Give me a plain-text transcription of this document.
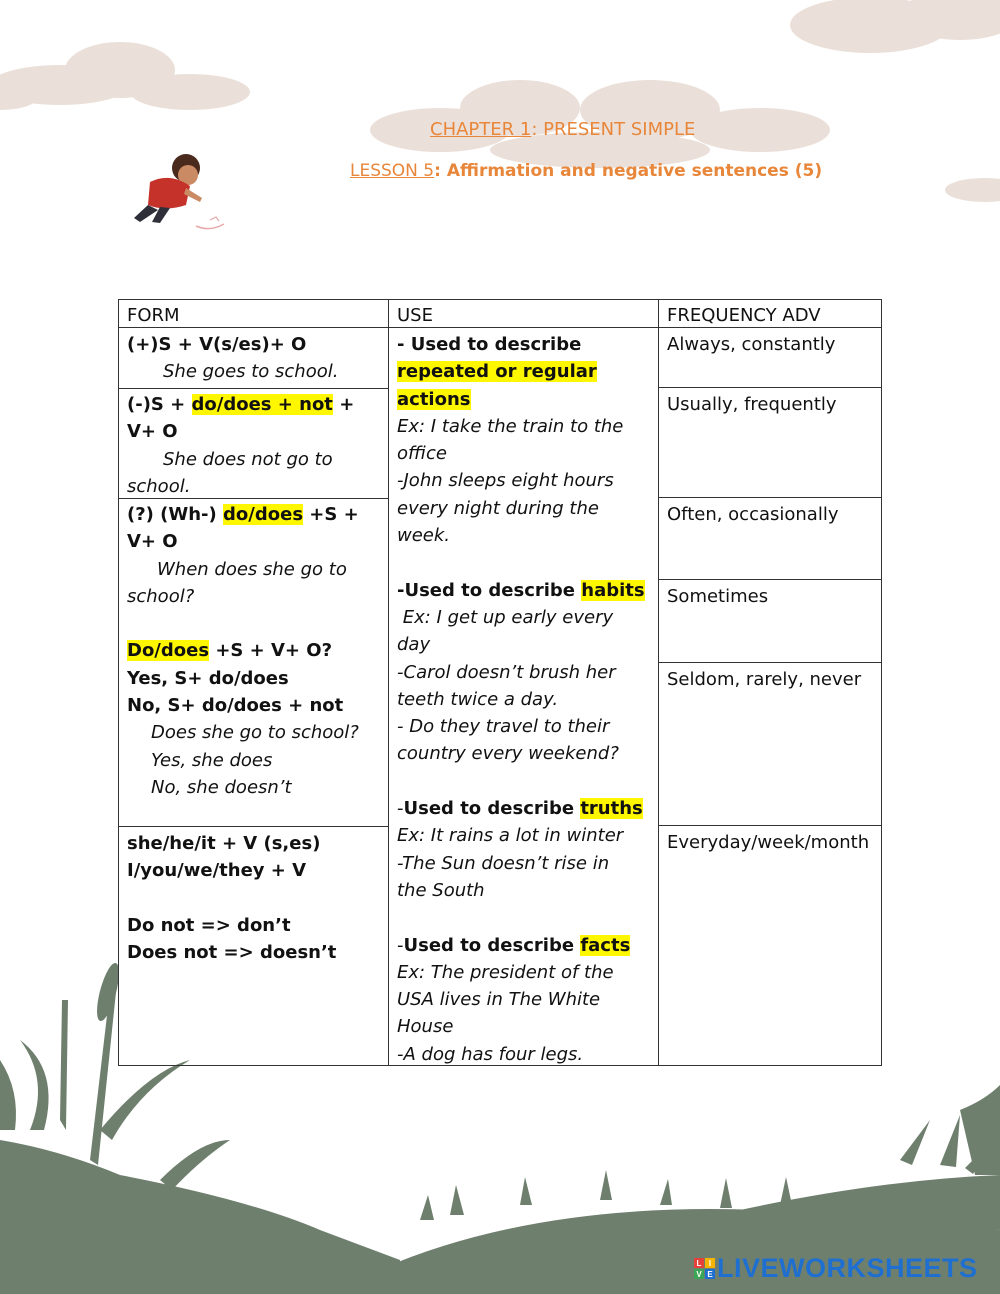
CHAPTER 1: PRESENT SIMPLE
LESSON 5: Affirmation and negative sentences (5)
FORM	USE	FREQUENCY ADV
(+)S + V(s/es)+ O
She goes to school.
(-)S + do/does + not +
V+ O
She does not go to
school.
(?) (Wh-) do/does +S +
V+ O
When does she go to
school?
Do/does +S + V+ O?
Yes, S+ do/does
No, S+ do/does + not
Does she go to school?
Yes, she does
No, she doesn’t
she/he/it + V (s,es)
I/you/we/they + V
Do not => don’t
Does not => doesn’t
- Used to describe
repeated or regular
actions
Ex: I take the train to the
office
-John sleeps eight hours
every night during the
week.
-Used to describe habits
Ex: I get up early every
day
-Carol doesn’t brush her
teeth twice a day.
- Do they travel to their
country every weekend?
-Used to describe truths
Ex: It rains a lot in winter
-The Sun doesn’t rise in
the South
-Used to describe facts
Ex: The president of the
USA lives in The White
House
-A dog has four legs.
Always, constantly
Usually, frequently
Often, occasionally
Sometimes
Seldom, rarely, never
Everyday/week/month
L I
V E LIVEWORKSHEETS
